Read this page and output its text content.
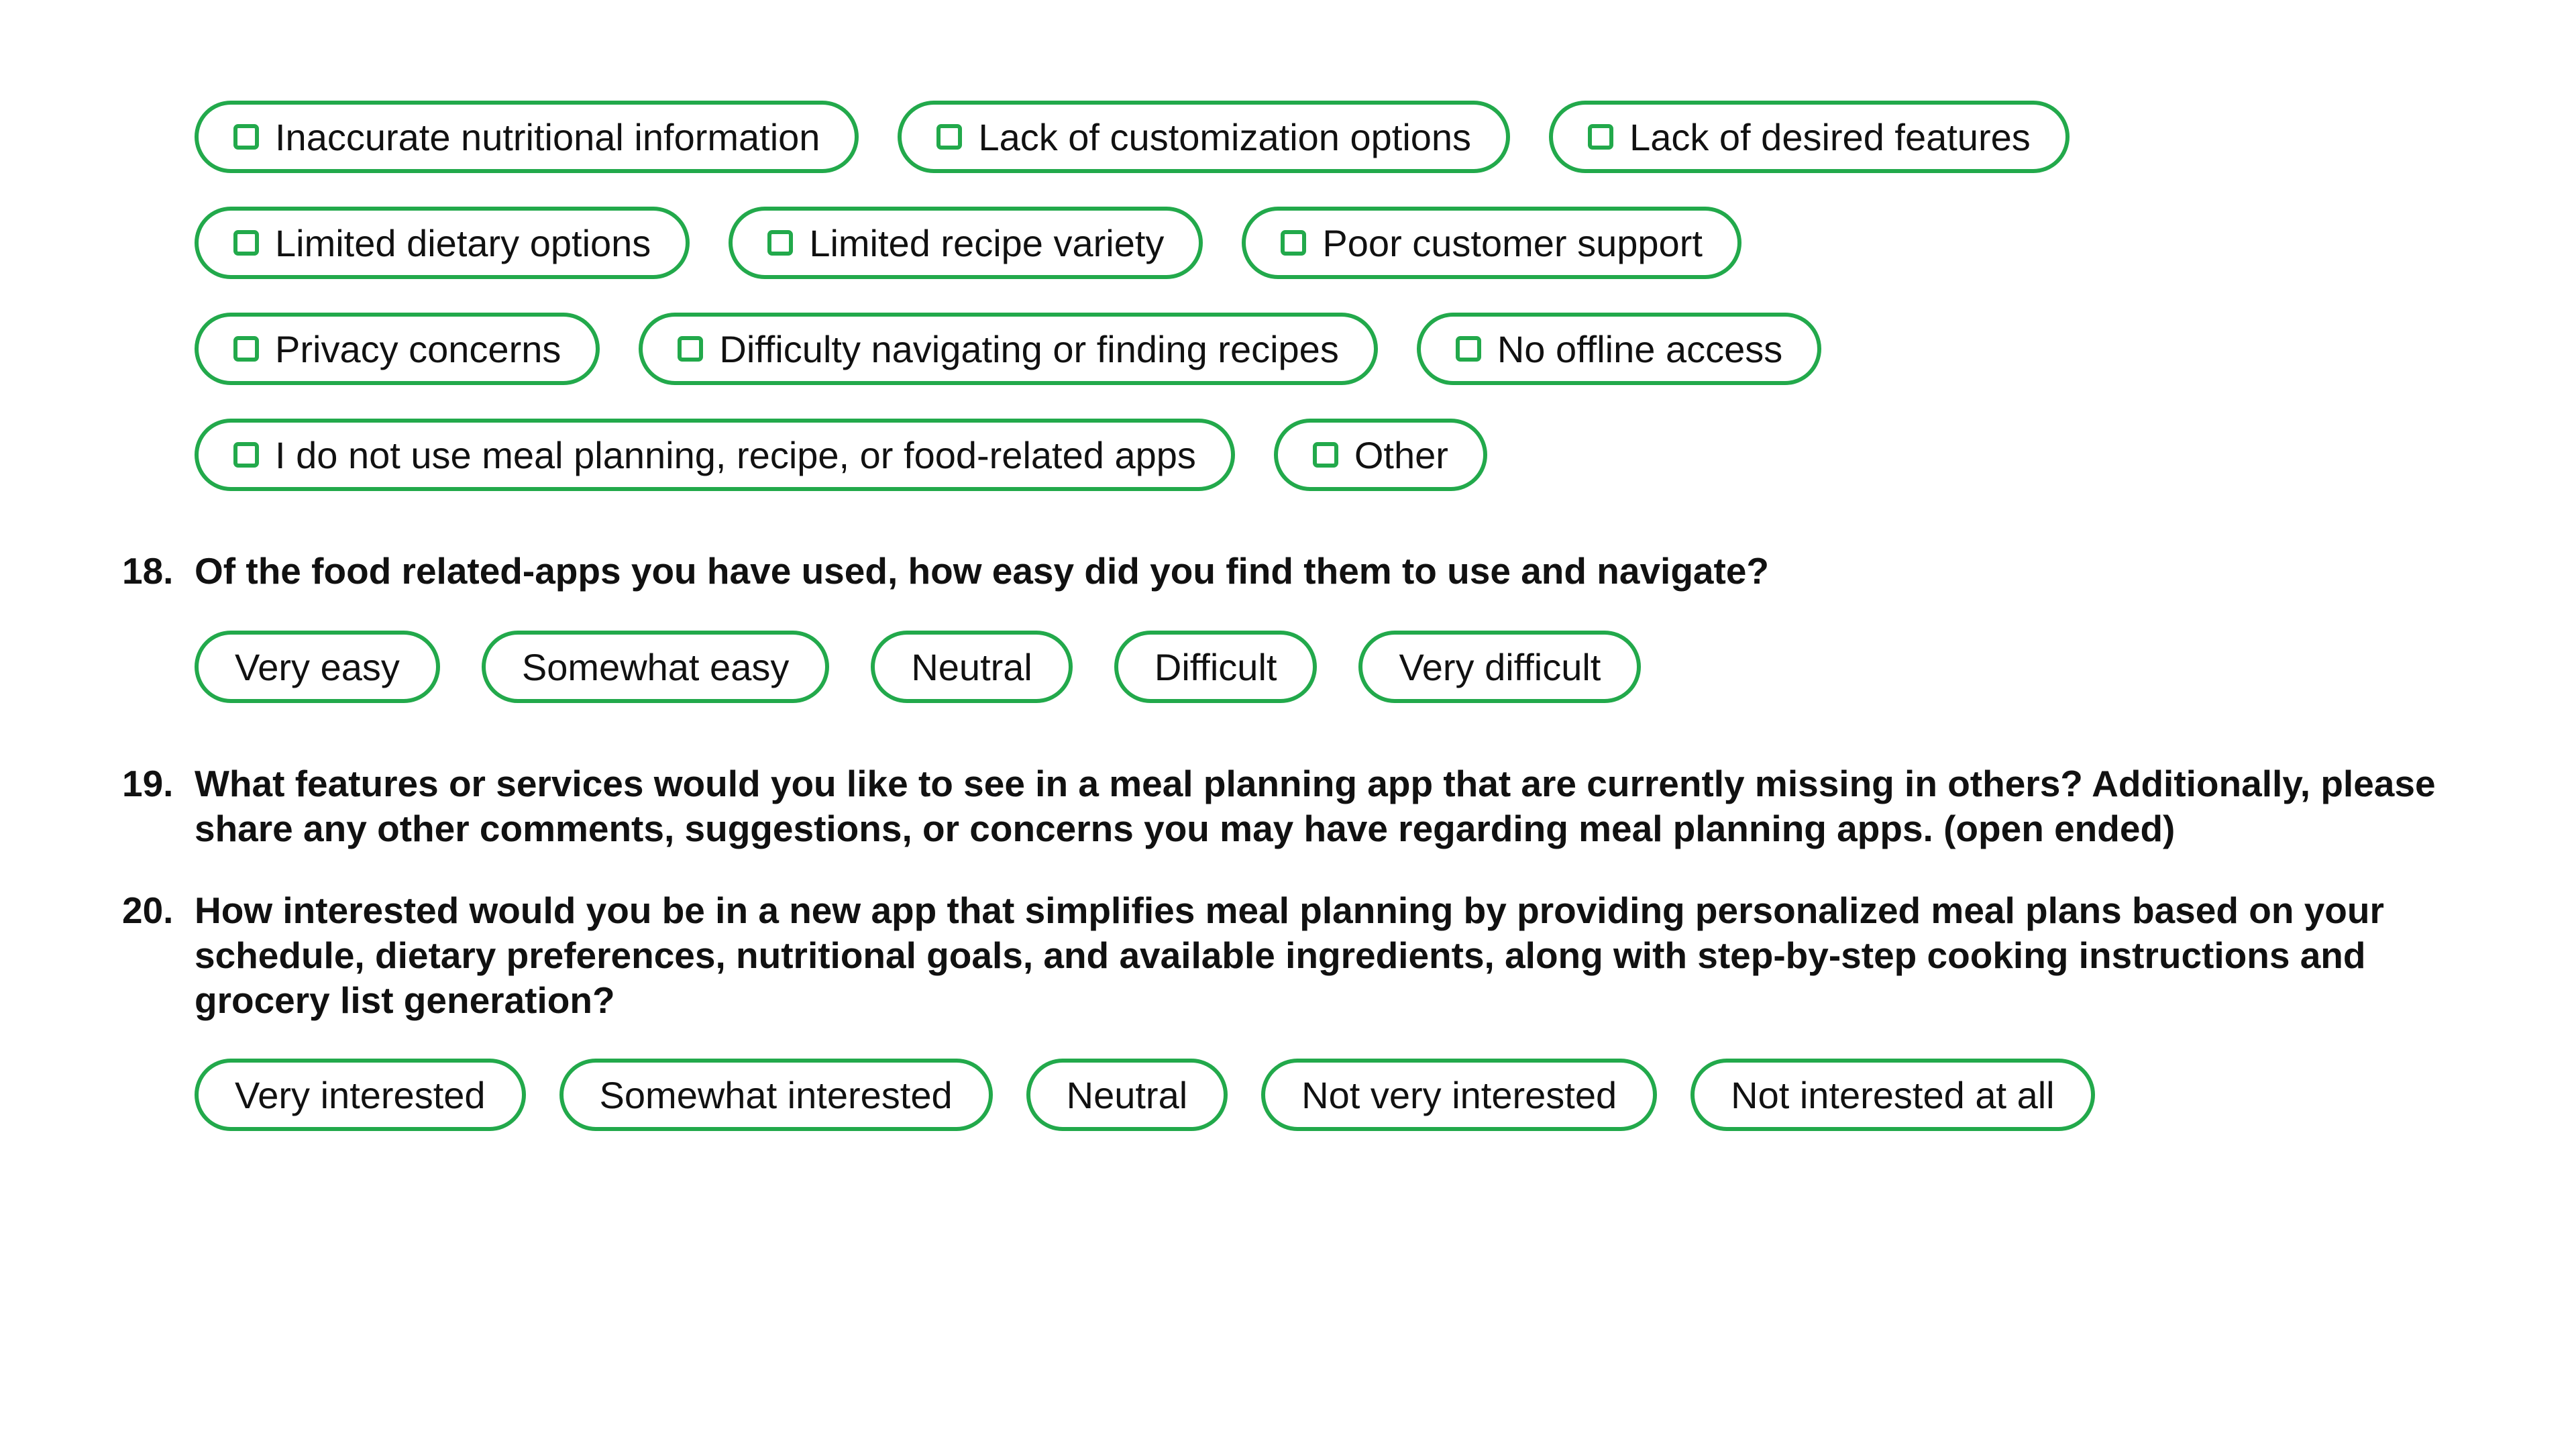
Inaccurate nutritional information	Lack of customization options	Lack of desired features
Limited dietary options	Limited recipe variety	Poor customer support
Privacy concerns	Difficulty navigating or finding recipes	No offline access
I do not use meal planning, recipe, or food-related apps	Other
18. Of the food related-apps you have used, how easy did you find them to use and navigate?
Very easy	Somewhat easy	Neutral	Difficult	Very difficult
19. What features or services would you like to see in a meal planning app that are currently missing in others? Additionally, please share any other comments, suggestions, or concerns you may have regarding meal planning apps. (open ended)
20. How interested would you be in a new app that simplifies meal planning by providing personalized meal plans based on your schedule, dietary preferences, nutritional goals, and available ingredients, along with step-by-step cooking instructions and grocery list generation?
Very interested	Somewhat interested	Neutral	Not very interested	Not interested at all
